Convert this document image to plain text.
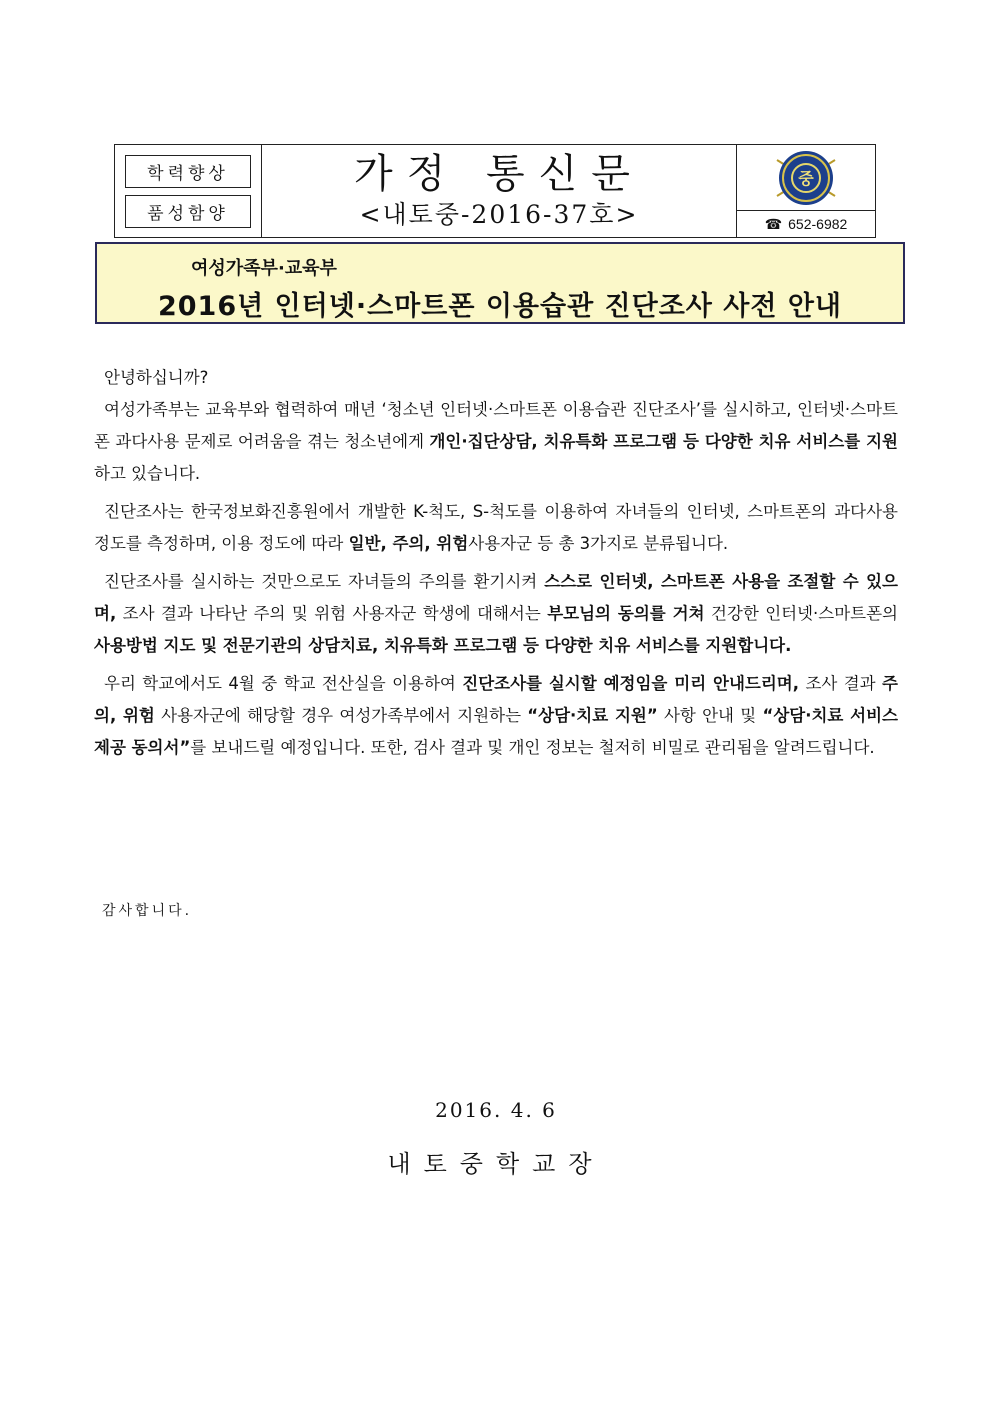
학력향상
품성함양
가정 통신문
<내토중-2016-37호>
중
☎ 652-6982
여성가족부·교육부
2016년 인터넷·스마트폰 이용습관 진단조사 사전 안내

안녕하십니까?

여성가족부는 교육부와 협력하여 매년 ‘청소년 인터넷·스마트폰 이용습관 진단조사’를 실시하고, 인터넷·스마트폰 과다사용 문제로 어려움을 겪는 청소년에게 개인·집단상담, 치유특화 프로그램 등 다양한 치유 서비스를 지원하고 있습니다.

진단조사는 한국정보화진흥원에서 개발한 K-척도, S-척도를 이용하여 자녀들의 인터넷, 스마트폰의 과다사용 정도를 측정하며, 이용 정도에 따라 일반, 주의, 위험사용자군 등 총 3가지로 분류됩니다.

진단조사를 실시하는 것만으로도 자녀들의 주의를 환기시켜 스스로 인터넷, 스마트폰 사용을 조절할 수 있으며, 조사 결과 나타난 주의 및 위험 사용자군 학생에 대해서는 부모님의 동의를 거쳐 건강한 인터넷·스마트폰의 사용방법 지도 및 전문기관의 상담치료, 치유특화 프로그램 등 다양한 치유 서비스를 지원합니다.

우리 학교에서도 4월 중 학교 전산실을 이용하여 진단조사를 실시할 예정임을 미리 안내드리며, 조사 결과 주의, 위험 사용자군에 해당할 경우 여성가족부에서 지원하는 “상담·치료 지원” 사항 안내 및 “상담·치료 서비스 제공 동의서”를 보내드릴 예정입니다. 또한, 검사 결과 및 개인 정보는 철저히 비밀로 관리됨을 알려드립니다.

감사합니다.
2016. 4. 6
내토중학교장
